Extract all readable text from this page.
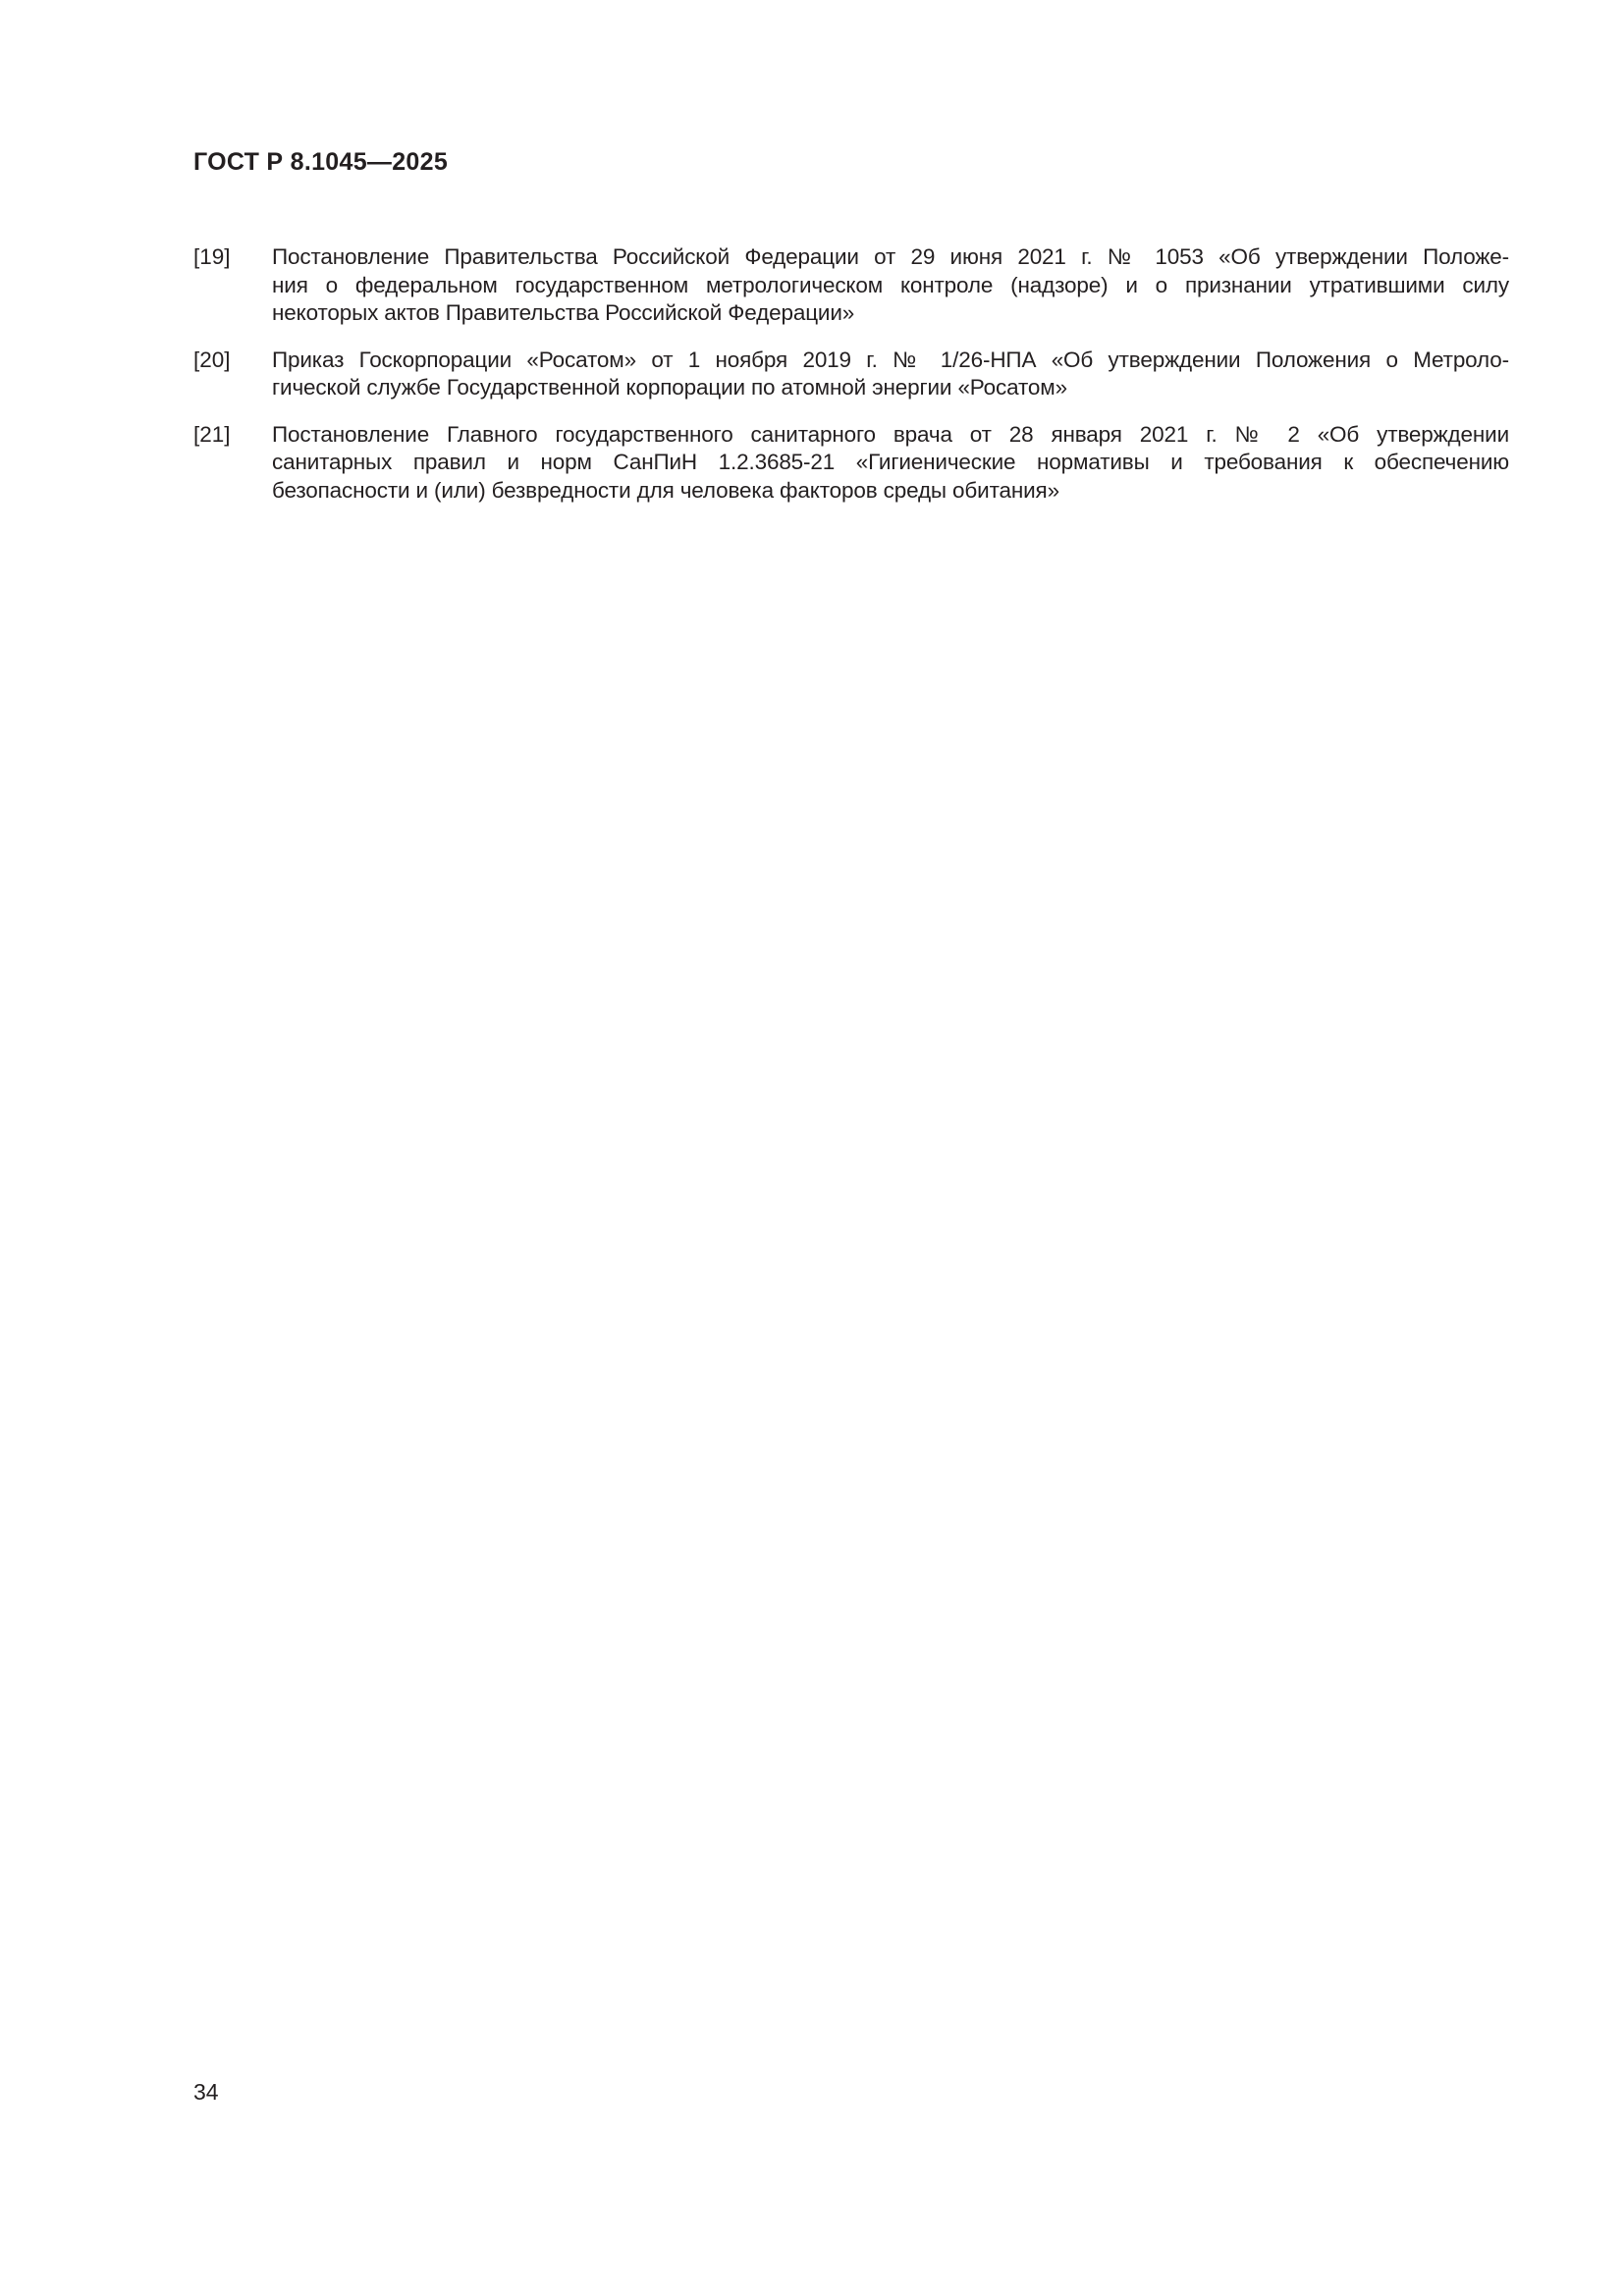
ГОСТ Р 8.1045—2025
[19]	Постановление Правительства Российской Федерации от 29 июня 2021 г. № 1053 «Об утверждении Положе-
ния о федеральном государственном метрологическом контроле (надзоре) и о признании утратившими силу
некоторых актов Правительства Российской Федерации»
[20]	Приказ Госкорпорации «Росатом» от 1 ноября 2019 г. № 1/26-НПА «Об утверждении Положения о Метроло-
гической службе Государственной корпорации по атомной энергии «Росатом»
[21]	Постановление Главного государственного санитарного врача от 28 января 2021 г. № 2 «Об утверждении
санитарных правил и норм СанПиН 1.2.3685-21 «Гигиенические нормативы и требования к обеспечению
безопасности и (или) безвредности для человека факторов среды обитания»
34
